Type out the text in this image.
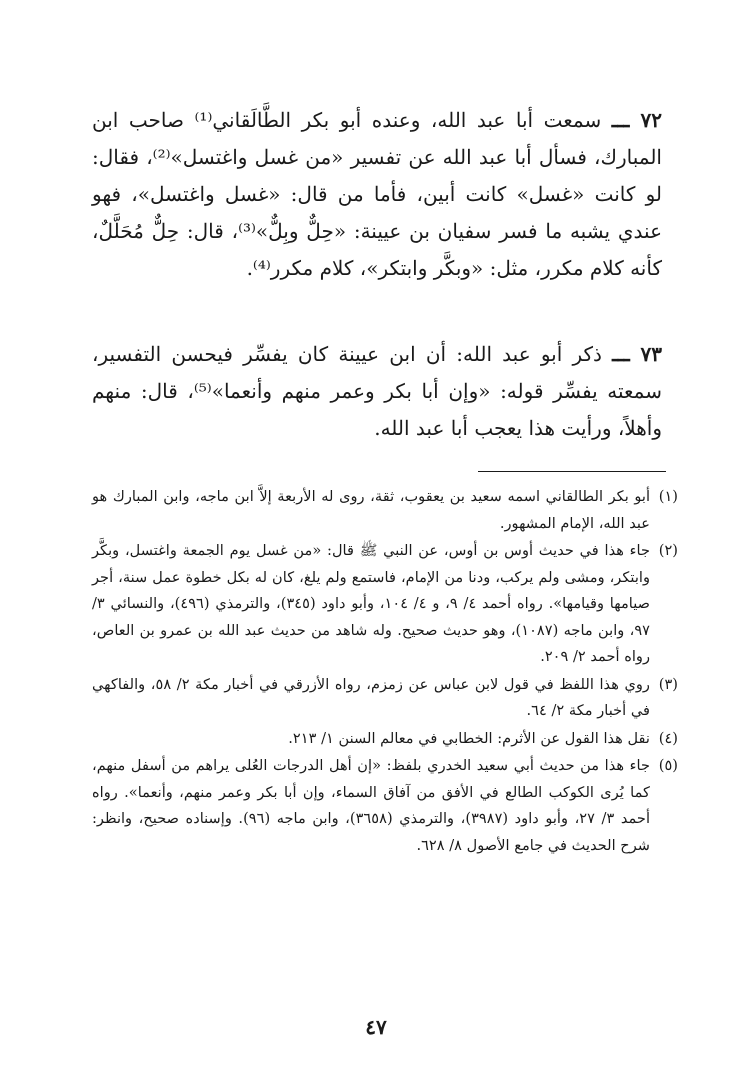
٧٢ ـــ سمعت أبا عبد الله، وعنده أبو بكر الطَّالَقاني⁽¹⁾ صاحب ابن المبارك، فسأل أبا عبد الله عن تفسير «من غسل واغتسل»⁽²⁾، فقال: لو كانت «غسل» كانت أبين، فأما من قال: «غسل واغتسل»، فهو عندي يشبه ما فسر سفيان بن عيينة: «حِلٌّ وبِلٌّ»⁽³⁾، قال: حِلٌّ مُحَلَّلٌ، كأنه كلام مكرر، مثل: «وبكَّر وابتكر»، كلام مكرر⁽⁴⁾.

٧٣ ـــ ذكر أبو عبد الله: أن ابن عيينة كان يفسِّر فيحسن التفسير، سمعته يفسِّر قوله: «وإن أبا بكر وعمر منهم وأنعما»⁽⁵⁾، قال: منهم وأهلاً، ورأيت هذا يعجب أبا عبد الله.

(١)
أبو بكر الطالقاني اسمه سعيد بن يعقوب، ثقة، روى له الأربعة إلاَّ ابن ماجه، وابن المبارك هو عبد الله، الإمام المشهور.
(٢)
جاء هذا في حديث أوس بن أوس، عن النبي ﷺ قال: «من غسل يوم الجمعة واغتسل، وبكَّر وابتكر، ومشى ولم يركب، ودنا من الإمام، فاستمع ولم يلغ، كان له بكل خطوة عمل سنة، أجر صيامها وقيامها». رواه أحمد ٤/ ٩، و ٤/ ١٠٤، وأبو داود (٣٤٥)، والترمذي (٤٩٦)، والنسائي ٣/ ٩٧، وابن ماجه (١٠٨٧)، وهو حديث صحيح. وله شاهد من حديث عبد الله بن عمرو بن العاص، رواه أحمد ٢/ ٢٠٩.
(٣)
روي هذا اللفظ في قول لابن عباس عن زمزم، رواه الأزرقي في أخبار مكة ٢/ ٥٨، والفاكهي في أخبار مكة ٢/ ٦٤.
(٤)
نقل هذا القول عن الأثرم: الخطابي في معالم السنن ١/ ٢١٣.
(٥)
جاء هذا من حديث أبي سعيد الخدري بلفظ: «إن أهل الدرجات العُلى يراهم من أسفل منهم، كما يُرى الكوكب الطالع في الأفق من آفاق السماء، وإن أبا بكر وعمر منهم، وأنعما». رواه أحمد ٣/ ٢٧، وأبو داود (٣٩٨٧)، والترمذي (٣٦٥٨)، وابن ماجه (٩٦). وإسناده صحيح، وانظر: شرح الحديث في جامع الأصول ٨/ ٦٢٨.
٤٧
